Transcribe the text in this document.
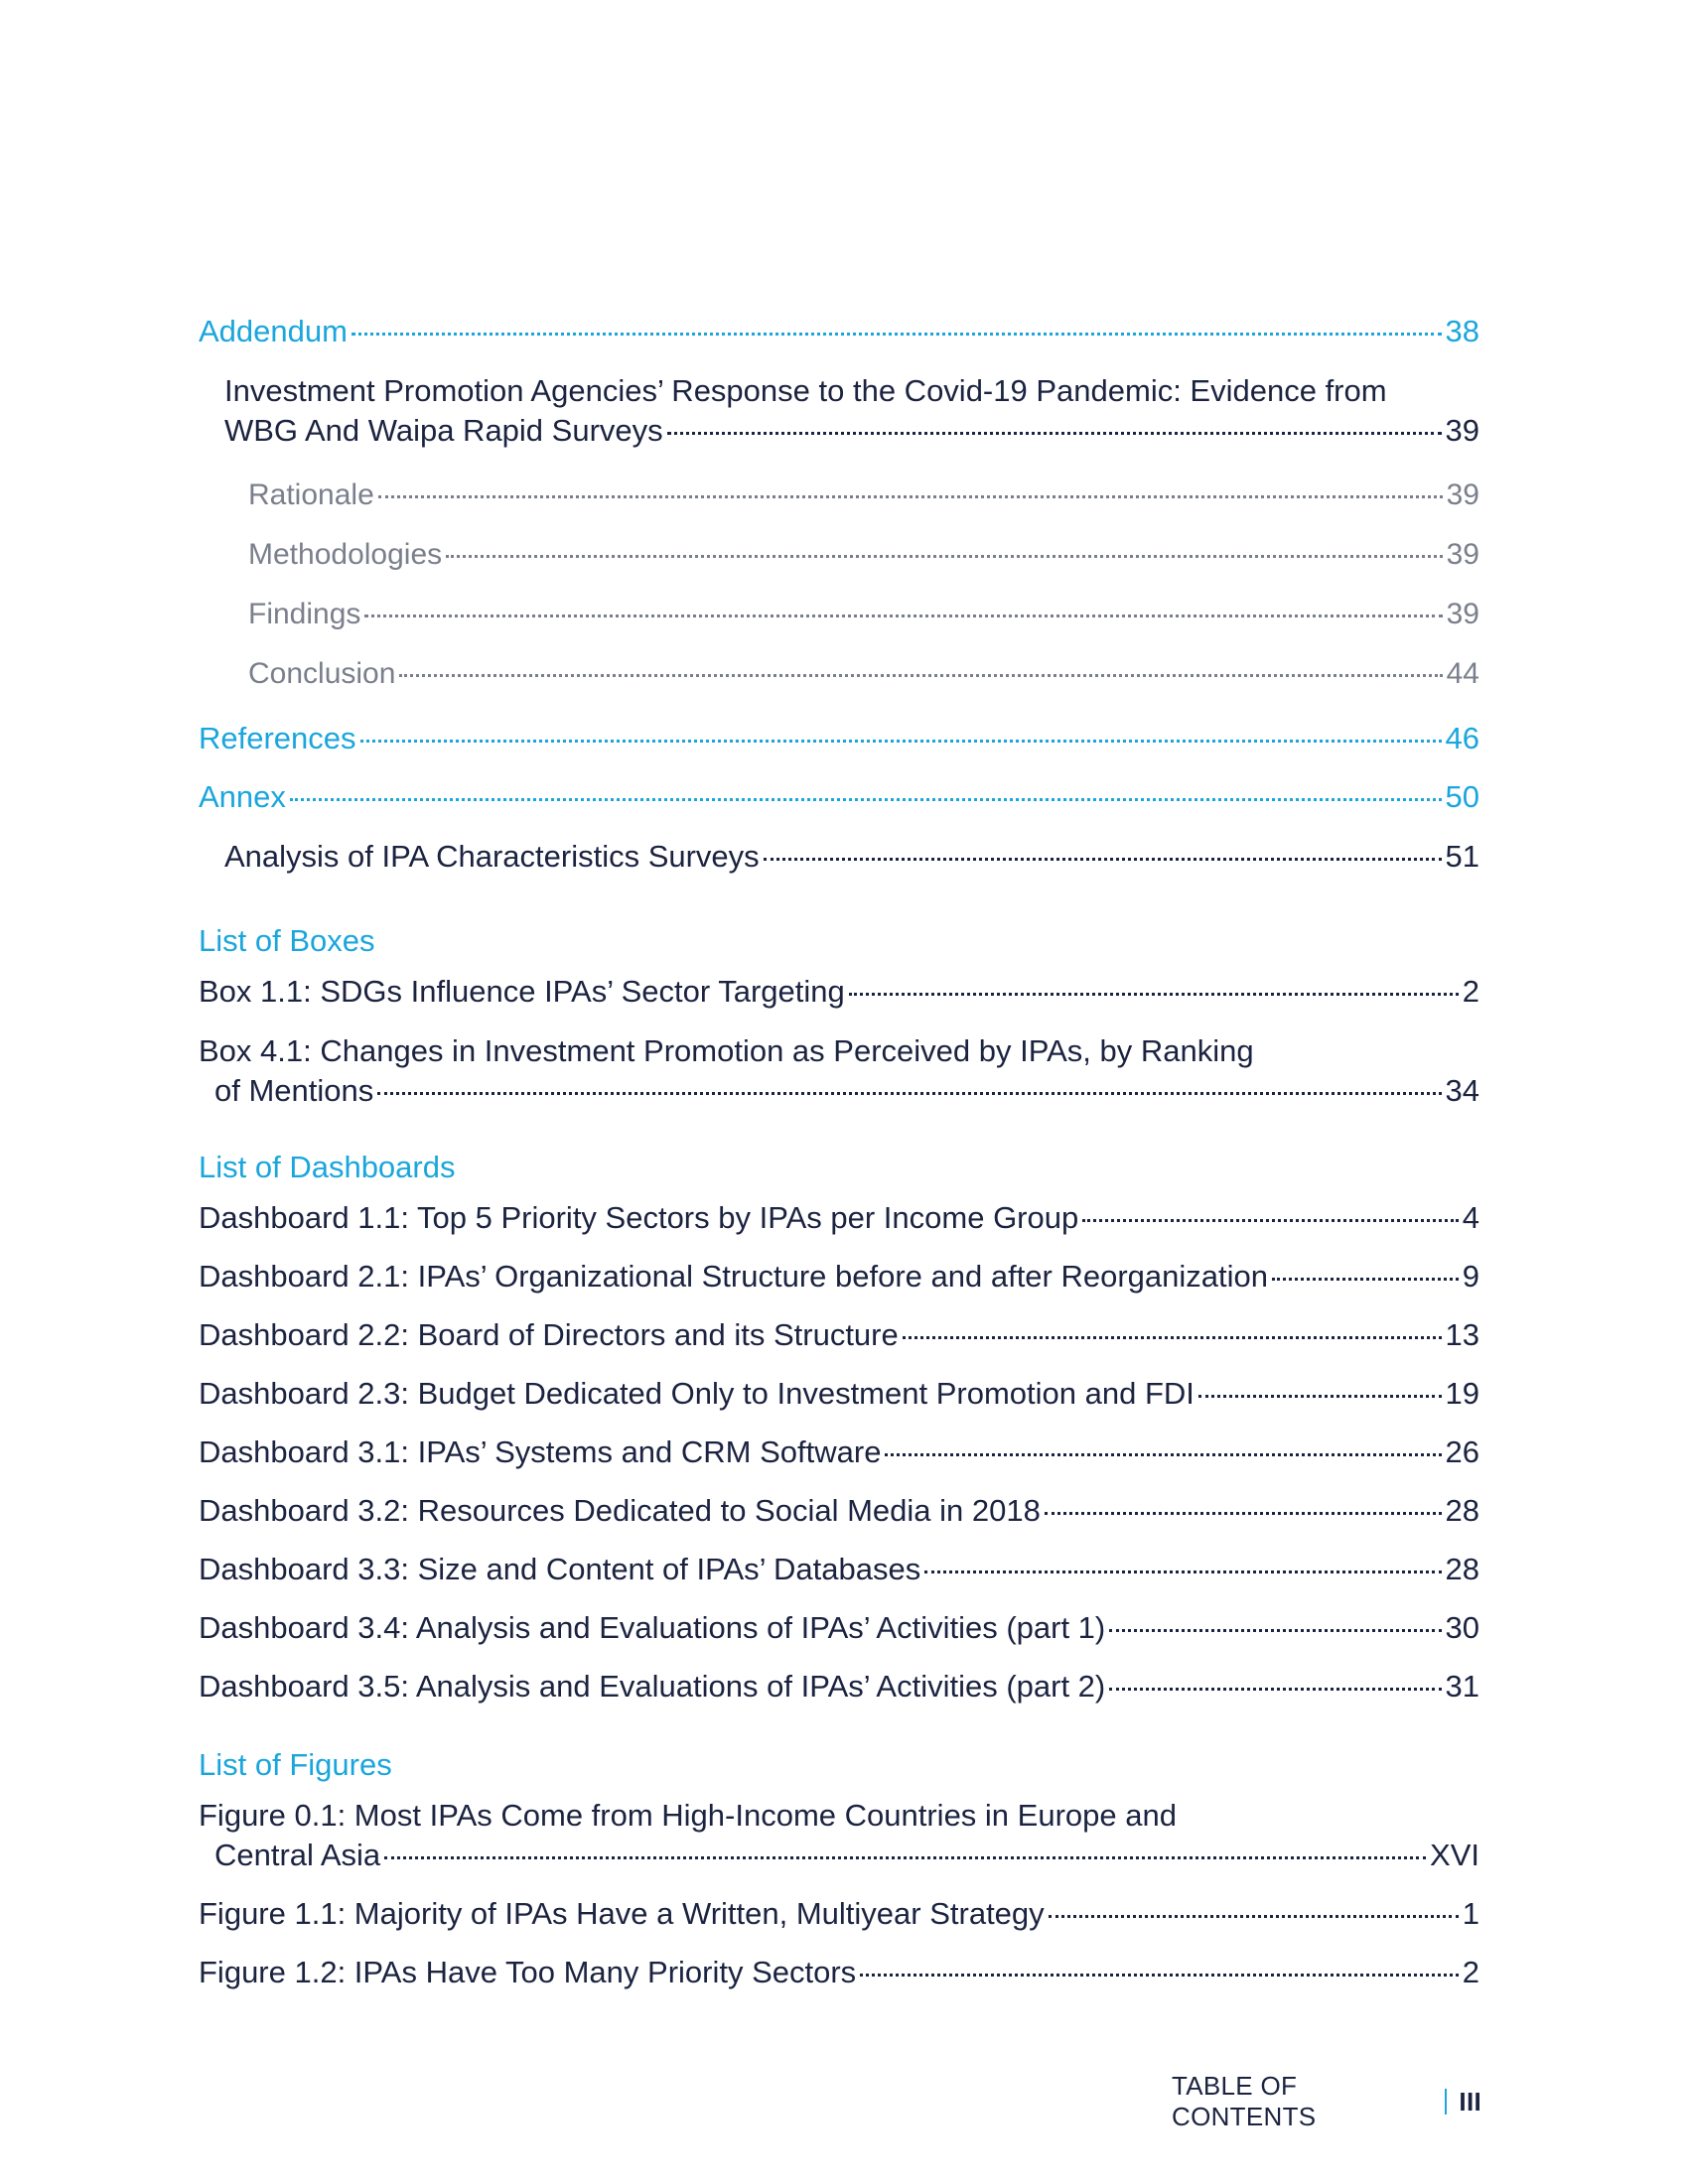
Addendum	38
Investment Promotion Agencies’ Response to the Covid-19 Pandemic: Evidence from
WBG And Waipa Rapid Surveys	39
Rationale	39
Methodologies	39
Findings	39
Conclusion	44
References	46
Annex	50
Analysis of IPA Characteristics Surveys	51
List of Boxes
Box 1.1: SDGs Influence IPAs’ Sector Targeting	2
Box 4.1: Changes in Investment Promotion as Perceived by IPAs, by Ranking
of Mentions	34
List of Dashboards
Dashboard 1.1: Top 5 Priority Sectors by IPAs per Income Group	4
Dashboard 2.1: IPAs’ Organizational Structure before and after Reorganization	9
Dashboard 2.2: Board of Directors and its Structure	13
Dashboard 2.3: Budget Dedicated Only to Investment Promotion and FDI	19
Dashboard 3.1: IPAs’ Systems and CRM Software	26
Dashboard 3.2: Resources Dedicated to Social Media in 2018	28
Dashboard 3.3: Size and Content of IPAs’ Databases	28
Dashboard 3.4: Analysis and Evaluations of IPAs’ Activities (part 1)	30
Dashboard 3.5: Analysis and Evaluations of IPAs’ Activities (part 2)	31
List of Figures
Figure 0.1: Most IPAs Come from High-Income Countries in Europe and
Central Asia	XVI
Figure 1.1: Majority of IPAs Have a Written, Multiyear Strategy	1
Figure 1.2: IPAs Have Too Many Priority Sectors	2
TABLE OF CONTENTS
III
